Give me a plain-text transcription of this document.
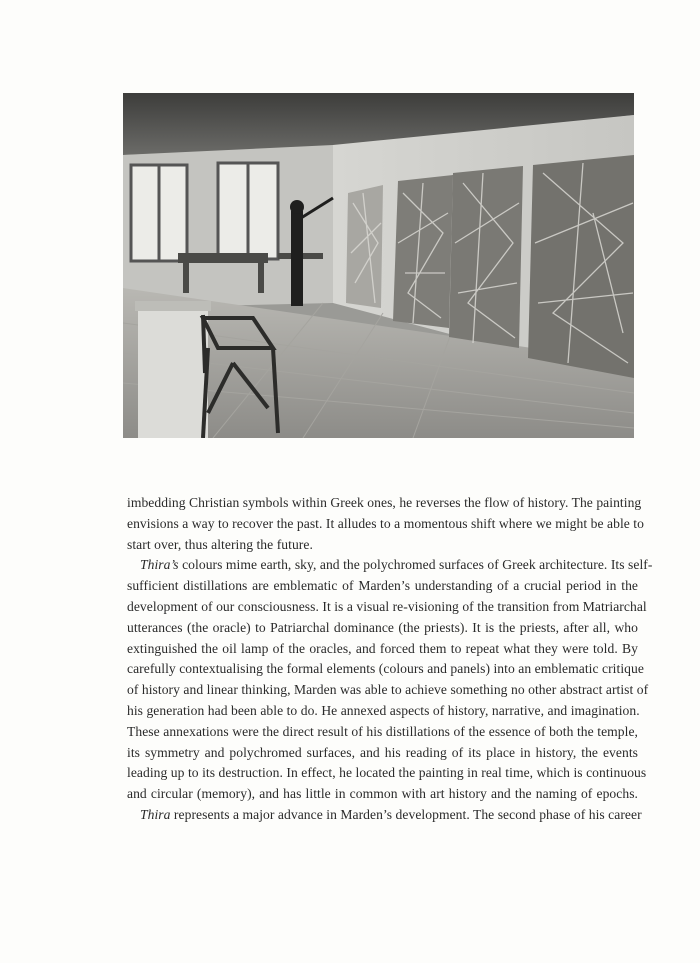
imbedding Christian symbols within Greek ones, he reverses the flow of history. The painting
envisions a way to recover the past. It alludes to a momentous shift where we might be able to
start over, thus altering the future.
Thira’s colours mime earth, sky, and the polychromed surfaces of Greek architecture. Its self-
sufficient distillations are emblematic of Marden’s understanding of a crucial period in the
development of our consciousness. It is a visual re-visioning of the transition from Matriarchal
utterances (the oracle) to Patriarchal dominance (the priests). It is the priests, after all, who
extinguished the oil lamp of the oracles, and forced them to repeat what they were told. By
carefully contextualising the formal elements (colours and panels) into an emblematic critique
of history and linear thinking, Marden was able to achieve something no other abstract artist of
his generation had been able to do. He annexed aspects of history, narrative, and imagination.
These annexations were the direct result of his distillations of the essence of both the temple,
its symmetry and polychromed surfaces, and his reading of its place in history, the events
leading up to its destruction. In effect, he located the painting in real time, which is continuous
and circular (memory), and has little in common with art history and the naming of epochs.
Thira represents a major advance in Marden’s development. The second phase of his career
